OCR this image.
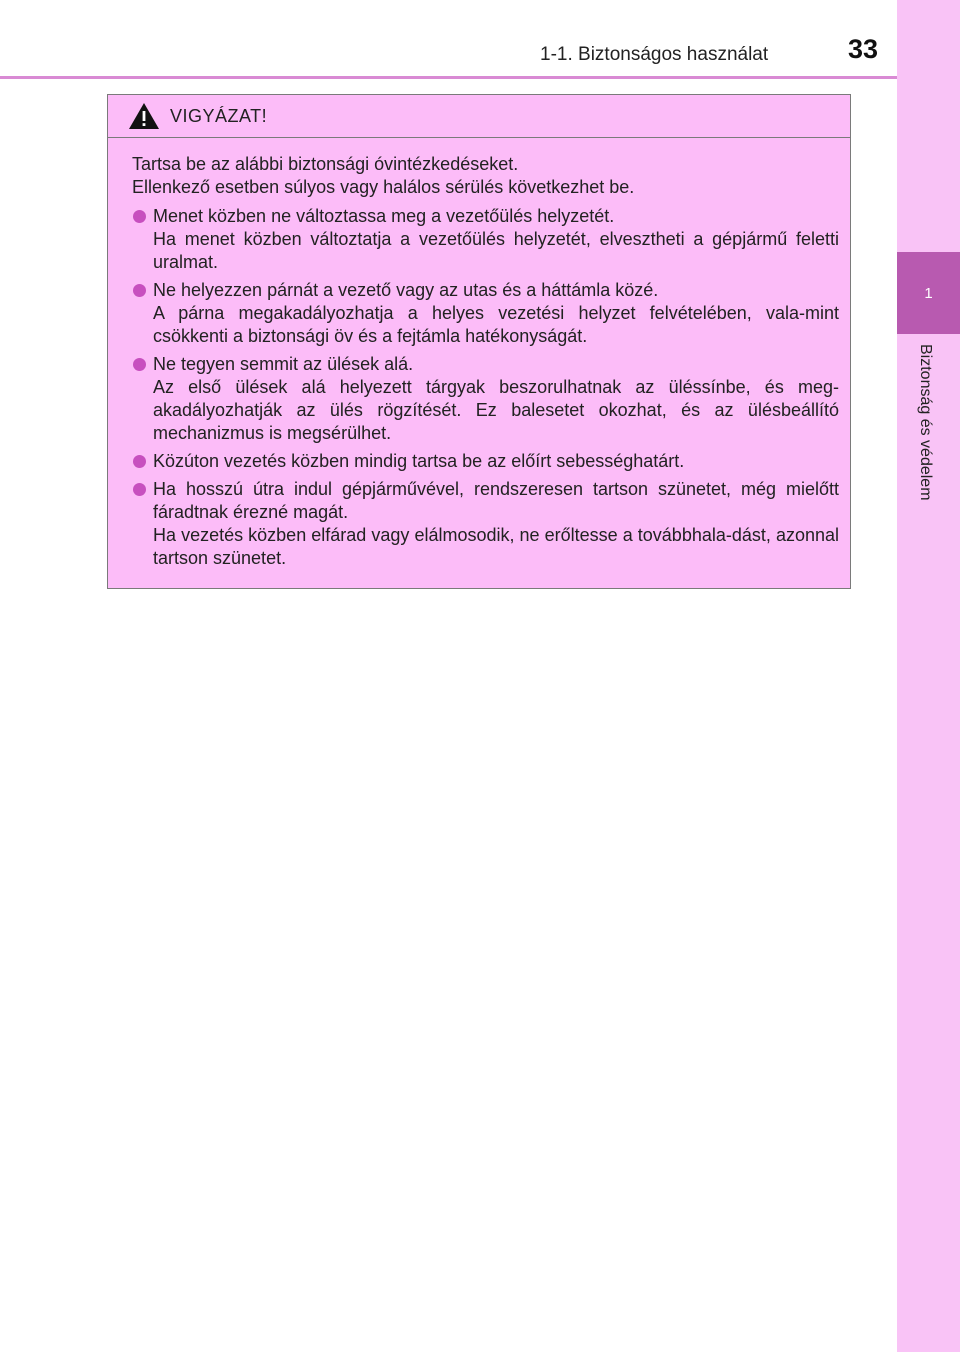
1
Biztonság és védelem
1-1. Biztonságos használat	33
VIGYÁZAT!
Tartsa be az alábbi biztonsági óvintézkedéseket.
Ellenkező esetben súlyos vagy halálos sérülés következhet be.
Menet közben ne változtassa meg a vezetőülés helyzetét.
Ha menet közben változtatja a vezetőülés helyzetét, elvesztheti a gépjármű feletti uralmat.
Ne helyezzen párnát a vezető vagy az utas és a háttámla közé.
A párna megakadályozhatja a helyes vezetési helyzet felvételében, vala-mint csökkenti a biztonsági öv és a fejtámla hatékonyságát.
Ne tegyen semmit az ülések alá.
Az első ülések alá helyezett tárgyak beszorulhatnak az üléssínbe, és meg-akadályozhatják az ülés rögzítését. Ez balesetet okozhat, és az ülésbeállító mechanizmus is megsérülhet.
Közúton vezetés közben mindig tartsa be az előírt sebességhatárt.
Ha hosszú útra indul gépjárművével, rendszeresen tartson szünetet, még mielőtt fáradtnak érezné magát.
Ha vezetés közben elfárad vagy elálmosodik, ne erőltesse a továbbhala-dást, azonnal tartson szünetet.
